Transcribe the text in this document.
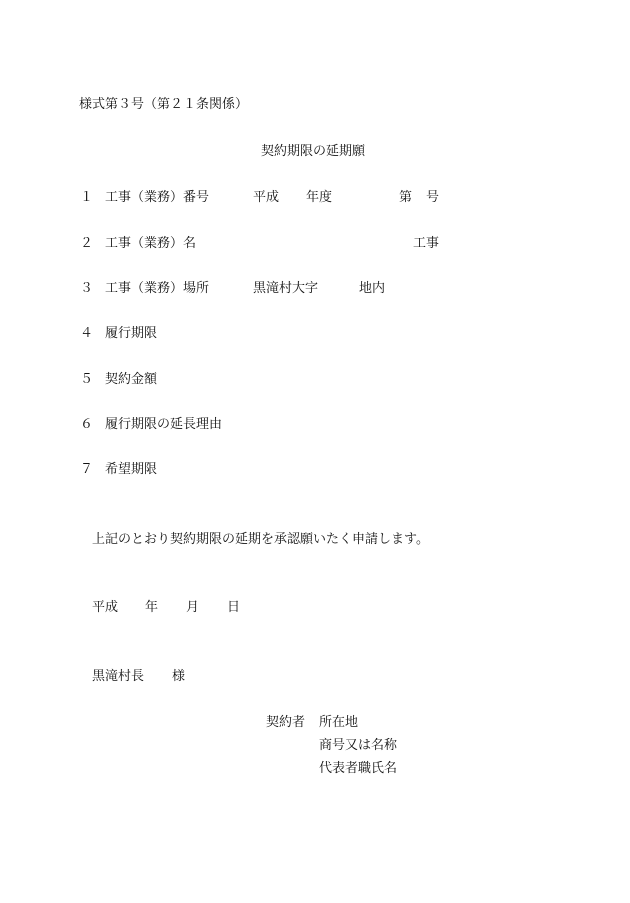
様式第３号（第２１条関係）
契約期限の延期願
１ 工事（業務）番号	平成 年度	第 号
２ 工事（業務）名	工事
３ 工事（業務）場所	黒滝村大字	地内
４ 履行期限
５ 契約金額
６ 履行期限の延長理由
７ 希望期限
上記のとおり契約期限の延期を承認願いたく申請します。
平成 年 月 日
黒滝村長 様
契約者 所在地
商号又は名称
代表者職氏名
